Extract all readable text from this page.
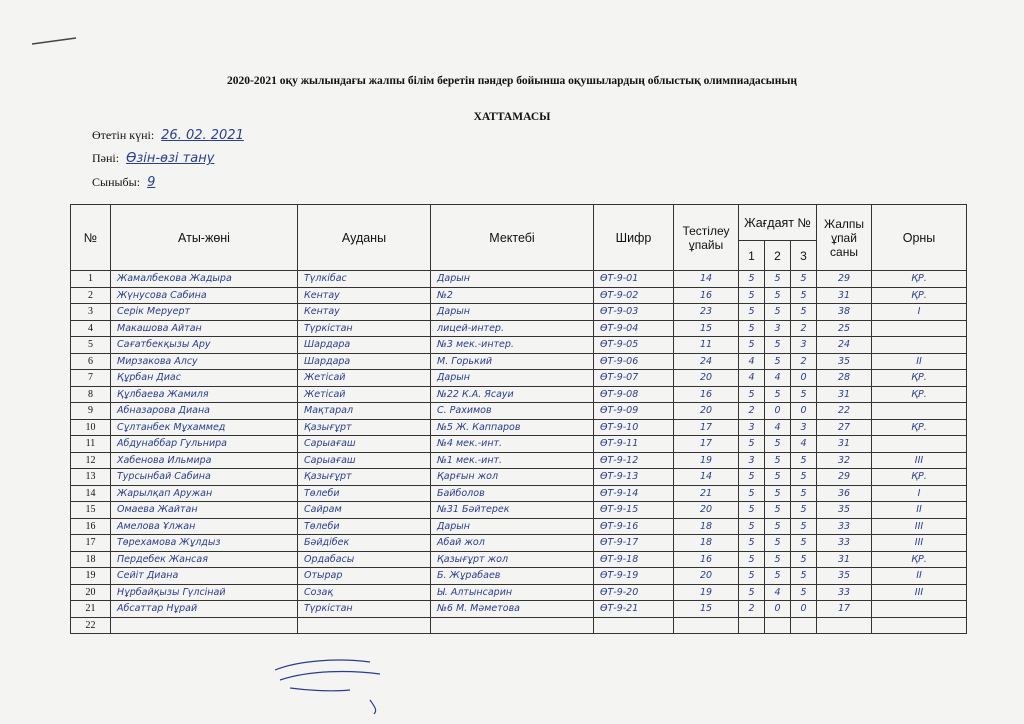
2020-2021 оқу жылындағы жалпы білім беретін пәндер бойынша оқушылардың облыстық олимпиадасының
ХАТТАМАСЫ
Өтетін күні: 26. 02. 2021
Пәні: Өзін-өзі тану
Сыныбы: 9
№	Аты-жөні	Ауданы	Мектебі	Шифр	Тестілеу ұпайы	Жағдаят №			Жалпы ұпай саны	Орны
						1	2	3		
1	Жамалбекова Жадыра	Түлкібас	Дарын	ӨТ-9-01	14	5	5	5	29	ҚР.
2	Жүнусова Сабина	Кентау	№2	ӨТ-9-02	16	5	5	5	31	ҚР.
3	Серік Меруерт	Кентау	Дарын	ӨТ-9-03	23	5	5	5	38	I
4	Макашова Айтан	Түркістан	лицей-интер.	ӨТ-9-04	15	5	3	2	25	
5	Сағатбекқызы Ару	Шардара	№3 мек.-интер.	ӨТ-9-05	11	5	5	3	24	
6	Мирзакова Алсу	Шардара	М. Горький	ӨТ-9-06	24	4	5	2	35	II
7	Құрбан Диас	Жетісай	Дарын	ӨТ-9-07	20	4	4	0	28	ҚР.
8	Құлбаева Жамиля	Жетісай	№22 К.А. Ясауи	ӨТ-9-08	16	5	5	5	31	ҚР.
9	Абназарова Диана	Мақтарал	С. Рахимов	ӨТ-9-09	20	2	0	0	22	
10	Сұлтанбек Мұхаммед	Қазығұрт	№5 Ж. Каппаров	ӨТ-9-10	17	3	4	3	27	ҚР.
11	Абдунаббар Гульнира	Сарыағаш	№4 мек.-инт.	ӨТ-9-11	17	5	5	4	31	
12	Хабенова Ильмира	Сарыағаш	№1 мек.-инт.	ӨТ-9-12	19	3	5	5	32	III
13	Турсынбай Сабина	Қазығұрт	Қарғын жол	ӨТ-9-13	14	5	5	5	29	ҚР.
14	Жарылқап Аружан	Төлеби	Байболов	ӨТ-9-14	21	5	5	5	36	I
15	Омаева Жайтан	Сайрам	№31 Бәйтерек	ӨТ-9-15	20	5	5	5	35	II
16	Амелова Ұлжан	Төлеби	Дарын	ӨТ-9-16	18	5	5	5	33	III
17	Төрехамова Жұлдыз	Бәйдібек	Абай жол	ӨТ-9-17	18	5	5	5	33	III
18	Пердебек Жансая	Ордабасы	Қазығұрт жол	ӨТ-9-18	16	5	5	5	31	ҚР.
19	Сейіт Диана	Отырар	Б. Жұрабаев	ӨТ-9-19	20	5	5	5	35	II
20	Нұрбайқызы Гүлсінай	Созақ	Ы. Алтынсарин	ӨТ-9-20	19	5	4	5	33	III
21	Абсаттар Нұрай	Түркістан	№6 М. Мәметова	ӨТ-9-21	15	2	0	0	17	
22										
